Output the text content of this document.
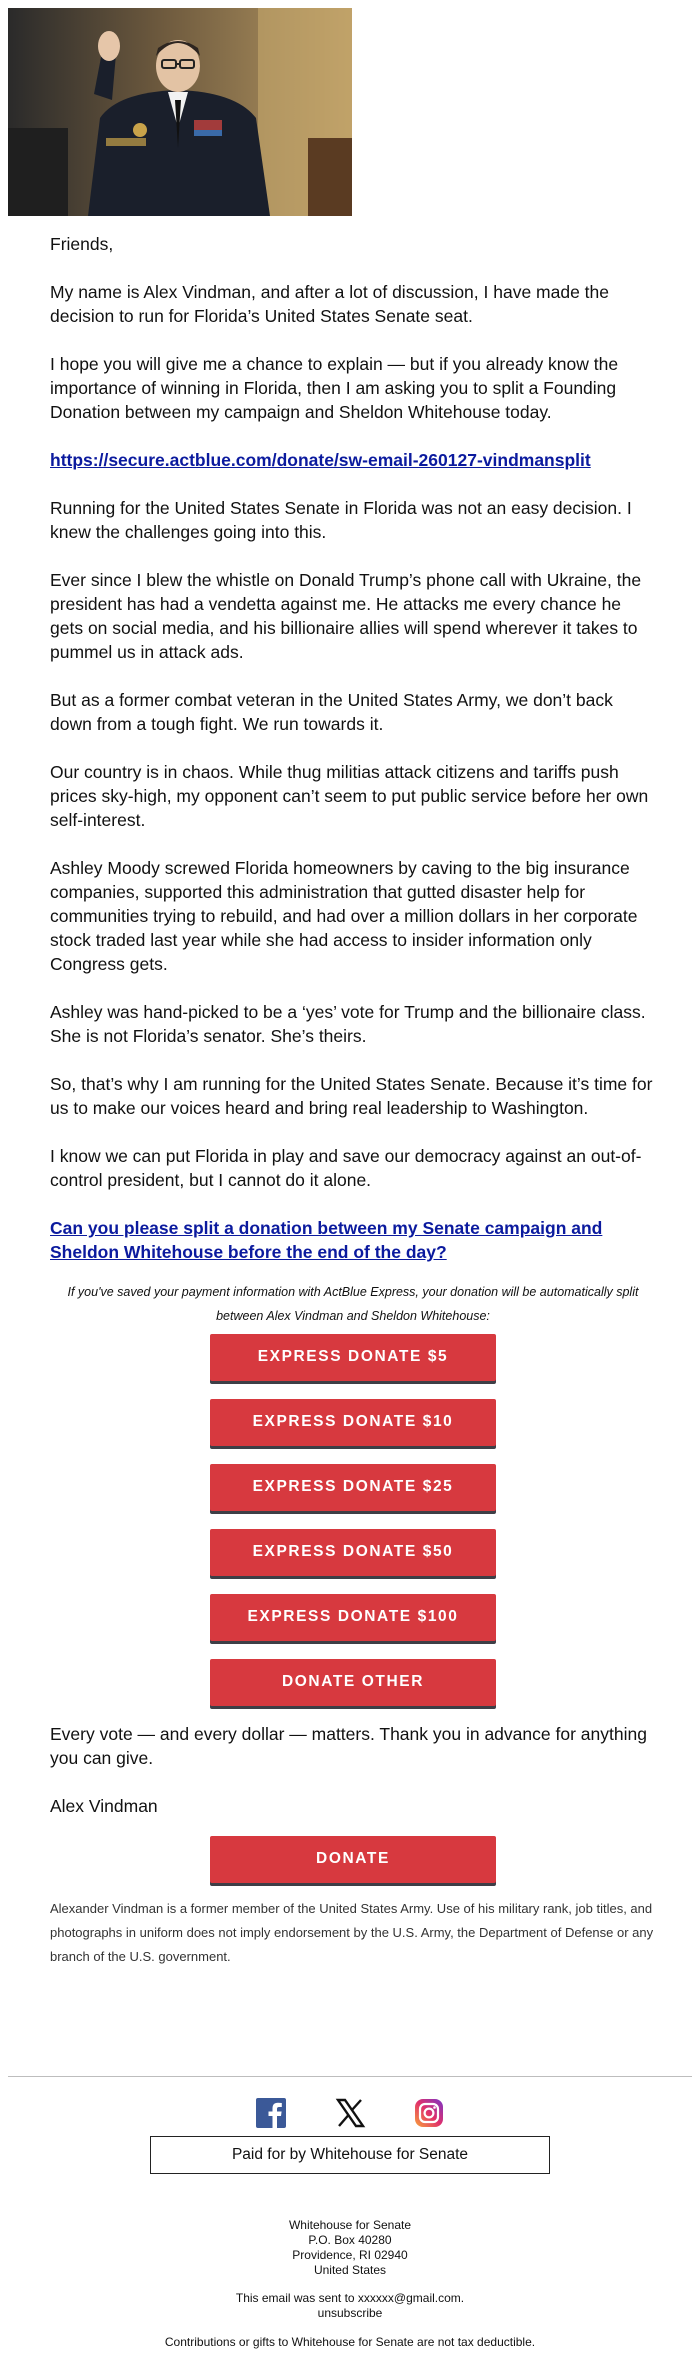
Friends,

My name is Alex Vindman, and after a lot of discussion, I have made the decision to run for Florida’s United States Senate seat.

I hope you will give me a chance to explain — but if you already know the importance of winning in Florida, then I am asking you to split a Founding Donation between my campaign and Sheldon Whitehouse today.

https://secure.actblue.com/donate/sw-email-260127-vindmansplit

Running for the United States Senate in Florida was not an easy decision. I knew the challenges going into this.

Ever since I blew the whistle on Donald Trump’s phone call with Ukraine, the president has had a vendetta against me. He attacks me every chance he gets on social media, and his billionaire allies will spend wherever it takes to pummel us in attack ads.

But as a former combat veteran in the United States Army, we don’t back down from a tough fight. We run towards it.

Our country is in chaos. While thug militias attack citizens and tariffs push prices sky-high, my opponent can’t seem to put public service before her own self-interest.

Ashley Moody screwed Florida homeowners by caving to the big insurance companies, supported this administration that gutted disaster help for communities trying to rebuild, and had over a million dollars in her corporate stock traded last year while she had access to insider information only Congress gets.

Ashley was hand-picked to be a ‘yes’ vote for Trump and the billionaire class. She is not Florida’s senator. She’s theirs.

So, that’s why I am running for the United States Senate. Because it’s time for us to make our voices heard and bring real leadership to Washington.

I know we can put Florida in play and save our democracy against an out-of-control president, but I cannot do it alone.

Can you please split a donation between my Senate campaign and Sheldon Whitehouse before the end of the day?

If you've saved your payment information with ActBlue Express, your donation will be automatically split between Alex Vindman and Sheldon Whitehouse:

EXPRESS DONATE $5
EXPRESS DONATE $10
EXPRESS DONATE $25
EXPRESS DONATE $50
EXPRESS DONATE $100
DONATE OTHER

Every vote — and every dollar — matters. Thank you in advance for anything you can give.

Alex Vindman

DONATE

Alexander Vindman is a former member of the United States Army. Use of his military rank, job titles, and photographs in uniform does not imply endorsement by the U.S. Army, the Department of Defense or any branch of the U.S. government.

Paid for by Whitehouse for Senate
Whitehouse for Senate
P.O. Box 40280
Providence, RI 02940
United States
This email was sent to xxxxxx@gmail.com.
unsubscribe
Contributions or gifts to Whitehouse for Senate are not tax deductible.
